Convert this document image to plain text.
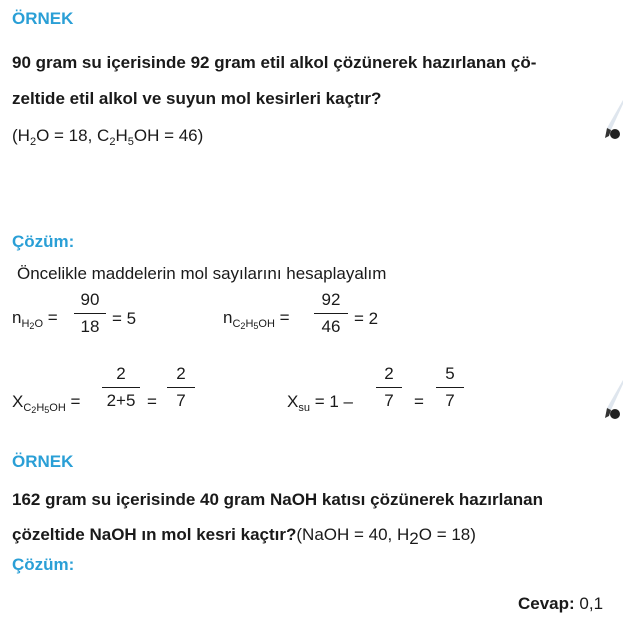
ÖRNEK
90 gram su içerisinde 92 gram etil alkol çözünerek hazırlanan çö-
zeltide etil alkol ve suyun mol kesirleri kaçtır?
($H_2O = 18$, $C_2H_5OH = 46$)
Çözüm:
Öncelikle maddelerin mol sayılarını hesaplayalım
$n_{H_2O}$ =
90
18 = 5	$n_{C_2H_5OH}$ =
92
46 = 2
$X_{C_2H_5OH}$ =
2
2+5 =
2
7	$X_{su} = 1$ –
2
7	=
5
7
ÖRNEK
162 gram su içerisinde 40 gram NaOH katısı çözünerek hazırlanan
çözeltide NaOH ın mol kesri kaçtır?(NaOH = 40, $H_2O = 18$)
Çözüm:
Cevap: 0,1
